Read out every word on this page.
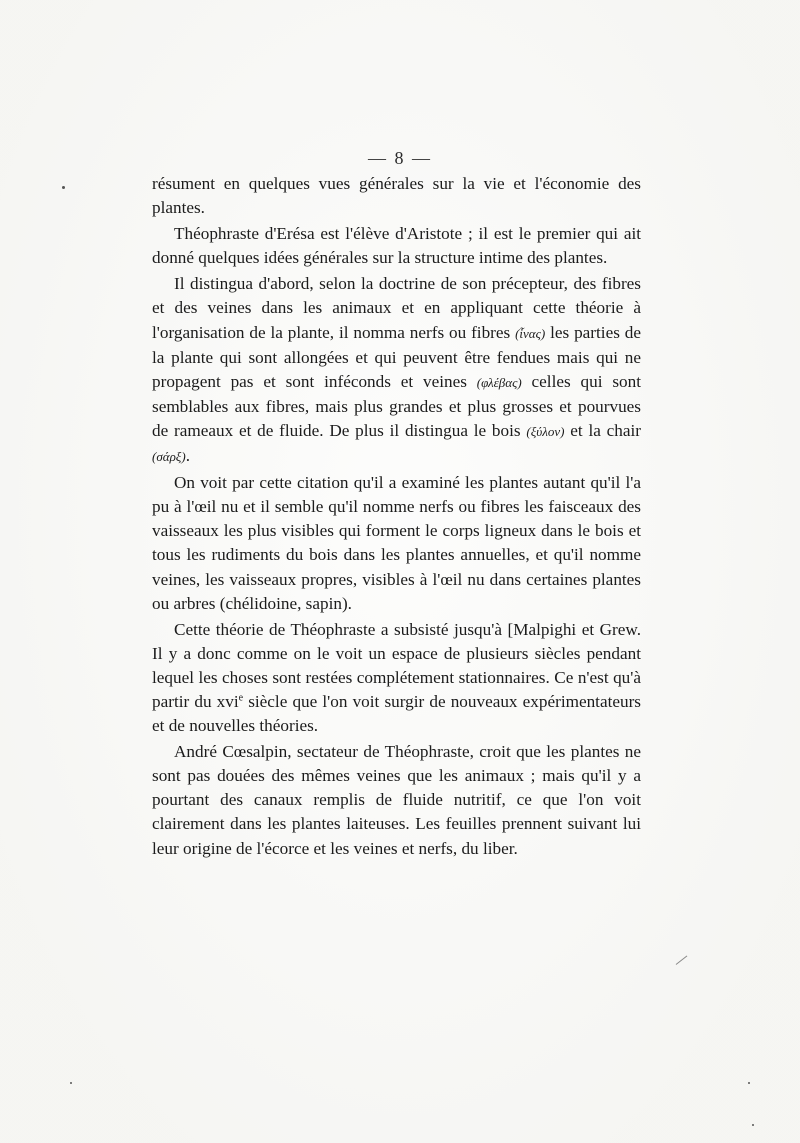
— 8 —

résument en quelques vues générales sur la vie et l'économie des plantes.

Théophraste d'Erésa est l'élève d'Aristote ; il est le premier qui ait donné quelques idées générales sur la structure intime des plantes.

Il distingua d'abord, selon la doctrine de son précepteur, des fibres et des veines dans les animaux et en appliquant cette théorie à l'organisation de la plante, il nomma nerfs ou fibres (ἶνας) les parties de la plante qui sont allongées et qui peuvent être fendues mais qui ne propagent pas et sont inféconds et veines (φλέβας) celles qui sont semblables aux fibres, mais plus grandes et plus grosses et pourvues de rameaux et de fluide. De plus il distingua le bois (ξύλον) et la chair (σάρξ).

On voit par cette citation qu'il a examiné les plantes autant qu'il l'a pu à l'œil nu et il semble qu'il nomme nerfs ou fibres les faisceaux des vaisseaux les plus visibles qui forment le corps ligneux dans le bois et tous les rudiments du bois dans les plantes annuelles, et qu'il nomme veines, les vaisseaux propres, visibles à l'œil nu dans certaines plantes ou arbres (chélidoine, sapin).

Cette théorie de Théophraste a subsisté jusqu'à [Malpighi et Grew. Il y a donc comme on le voit un espace de plusieurs siècles pendant lequel les choses sont restées complétement stationnaires. Ce n'est qu'à partir du xvi$^e$ siècle que l'on voit surgir de nouveaux expérimentateurs et de nouvelles théories.

André Cœsalpin, sectateur de Théophraste, croit que les plantes ne sont pas douées des mêmes veines que les animaux ; mais qu'il y a pourtant des canaux remplis de fluide nutritif, ce que l'on voit clairement dans les plantes laiteuses. Les feuilles prennent suivant lui leur origine de l'écorce et les veines et nerfs, du liber.
